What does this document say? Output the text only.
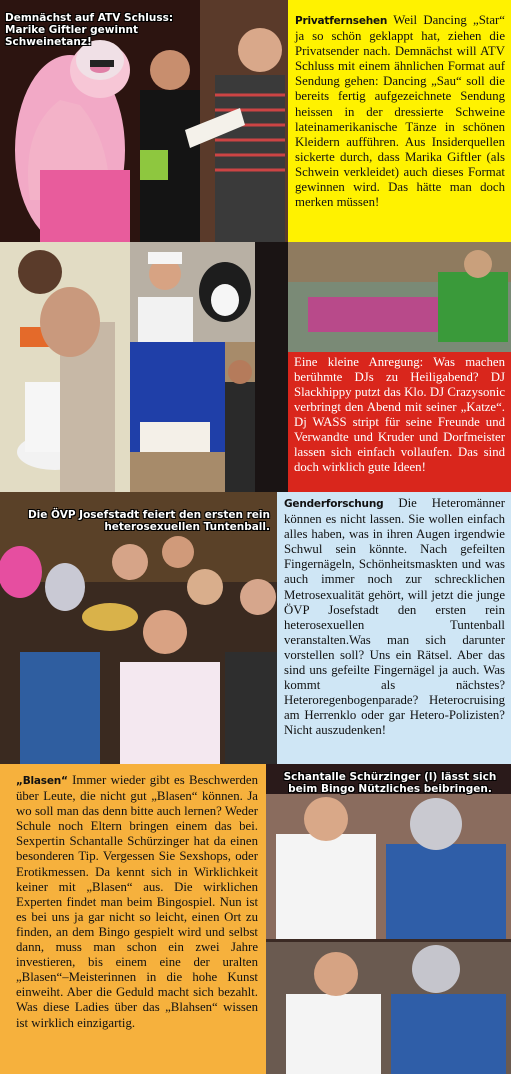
Demnächst auf ATV Schluss: Marike Giftler gewinnt Schweinetanz!
Privatfernsehen Weil Dancing „Star“ ja so schön geklappt hat, ziehen die Privatsender nach. Demnächst will ATV Schluss mit einem ähnlichen Format auf Sendung gehen: Dancing „Sau“ soll die bereits fertig aufgezeichnete Sendung heissen in der dressierte Schweine lateinamerikanische Tänze in schönen Kleidern aufführen. Aus Insiderquellen sickerte durch, dass Marika Giftler (als Schwein verkleidet) auch dieses Format gewinnen wird. Das hätte man doch merken müssen!
Eine kleine Anregung: Was machen berühmte DJs zu Heiligabend? DJ Slackhippy putzt das Klo. DJ Crazysonic verbringt den Abend mit seiner „Katze“. Dj WASS stript für seine Freunde und Verwandte und Kruder und Dorfmeister lassen sich einfach vollaufen. Das sind doch wirklich gute Ideen!
Die ÖVP Josefstadt feiert den ersten rein heterosexuellen Tuntenball.
Genderforschung Die Heteromänner können es nicht lassen. Sie wollen einfach alles haben, was in ihren Augen irgendwie Schwul sein könnte. Nach gefeilten Fingernägeln, Schönheitsmaskten und was auch immer noch zur schrecklichen Metrosexualität gehört, will jetzt die junge ÖVP Josefstadt den ersten rein heterosexuellen Tuntenball veranstalten.Was man sich darunter vorstellen soll? Uns ein Rätsel. Aber das sind uns gefeilte Fingernägel ja auch. Was kommt als nächstes? Heteroregenbogenparade? Heterocruising am Herrenklo oder gar Hetero-Polizisten? Nicht auszudenken!
„Blasen“ Immer wieder gibt es Beschwerden über Leute, die nicht gut „Blasen“ können. Ja wo soll man das denn bitte auch lernen? Weder Schule noch Eltern bringen einem das bei. Sexpertin Schantalle Schürzinger hat da einen besonderen Tip. Vergessen Sie Sexshops, oder Erotikmessen. Da kennt sich in Wirklichkeit keiner mit „Blasen“ aus. Die wirklichen Experten findet man beim Bingospiel. Nun ist es bei uns ja gar nicht so leicht, einen Ort zu finden, an dem Bingo gespielt wird und selbst dann, muss man schon ein zwei Jahre investieren, bis einem eine der uralten „Blasen“–Meisterinnen in die hohe Kunst einweiht. Aber die Geduld macht sich bezahlt. Was diese Ladies über das „Blahsen“ wissen ist wirklich einzigartig.
Schantalle Schürzinger (l) lässt sich beim Bingo Nützliches beibringen.
